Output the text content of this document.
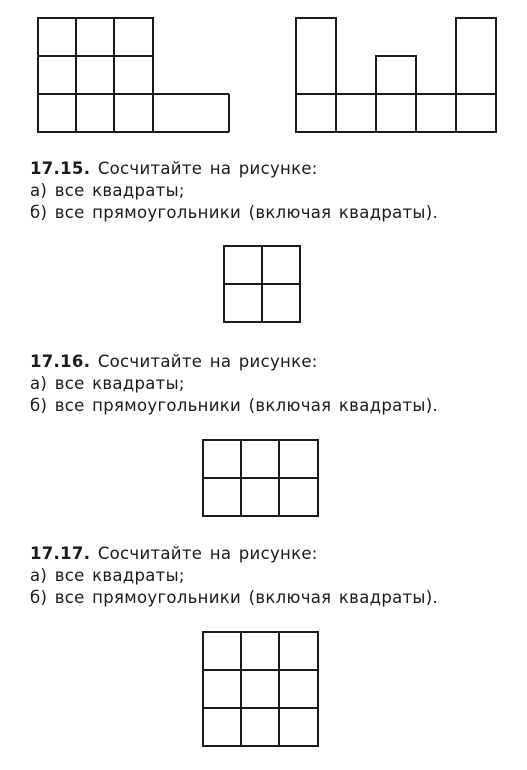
17.15. Сосчитайте на рисунке:

а) все квадраты;

б) все прямоугольники (включая квадраты).

17.16. Сосчитайте на рисунке:

а) все квадраты;

б) все прямоугольники (включая квадраты).

17.17. Сосчитайте на рисунке:

а) все квадраты;

б) все прямоугольники (включая квадраты).
